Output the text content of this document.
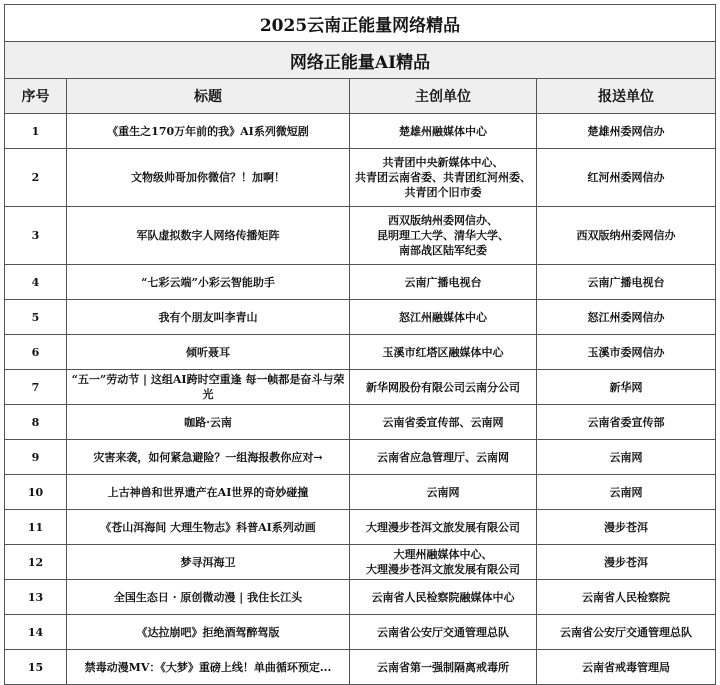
2025云南正能量网络精品			
网络正能量AI精品			
序号	标题	主创单位	报送单位
1	《重生之170万年前的我》AI系列微短剧	楚雄州融媒体中心	楚雄州委网信办
2	文物级帅哥加你微信？！加啊！	共青团中央新媒体中心、
共青团云南省委、共青团红河州委、
共青团个旧市委	红河州委网信办
3	军队虚拟数字人网络传播矩阵	西双版纳州委网信办、
昆明理工大学、清华大学、
南部战区陆军纪委	西双版纳州委网信办
4	“七彩云端”小彩云智能助手	云南广播电视台	云南广播电视台
5	我有个朋友叫李青山	怒江州融媒体中心	怒江州委网信办
6	倾听聂耳	玉溪市红塔区融媒体中心	玉溪市委网信办
7	“五一”劳动节 | 这组AI跨时空重逢 每一帧都是奋斗与荣光	新华网股份有限公司云南分公司	新华网
8	咖路·云南	云南省委宣传部、云南网	云南省委宣传部
9	灾害来袭，如何紧急避险？一组海报教你应对→	云南省应急管理厅、云南网	云南网
10	上古神兽和世界遗产在AI世界的奇妙碰撞	云南网	云南网
11	《苍山洱海间 大理生物志》科普AI系列动画	大理漫步苍洱文旅发展有限公司	漫步苍洱
12	梦寻洱海卫	大理州融媒体中心、
大理漫步苍洱文旅发展有限公司	漫步苍洱
13	全国生态日 · 原创微动漫 | 我住长江头	云南省人民检察院融媒体中心	云南省人民检察院
14	《达拉崩吧》拒绝酒驾醉驾版	云南省公安厅交通管理总队	云南省公安厅交通管理总队
15	禁毒动漫MV：《大梦》重磅上线！单曲循环预定...	云南省第一强制隔离戒毒所	云南省戒毒管理局
